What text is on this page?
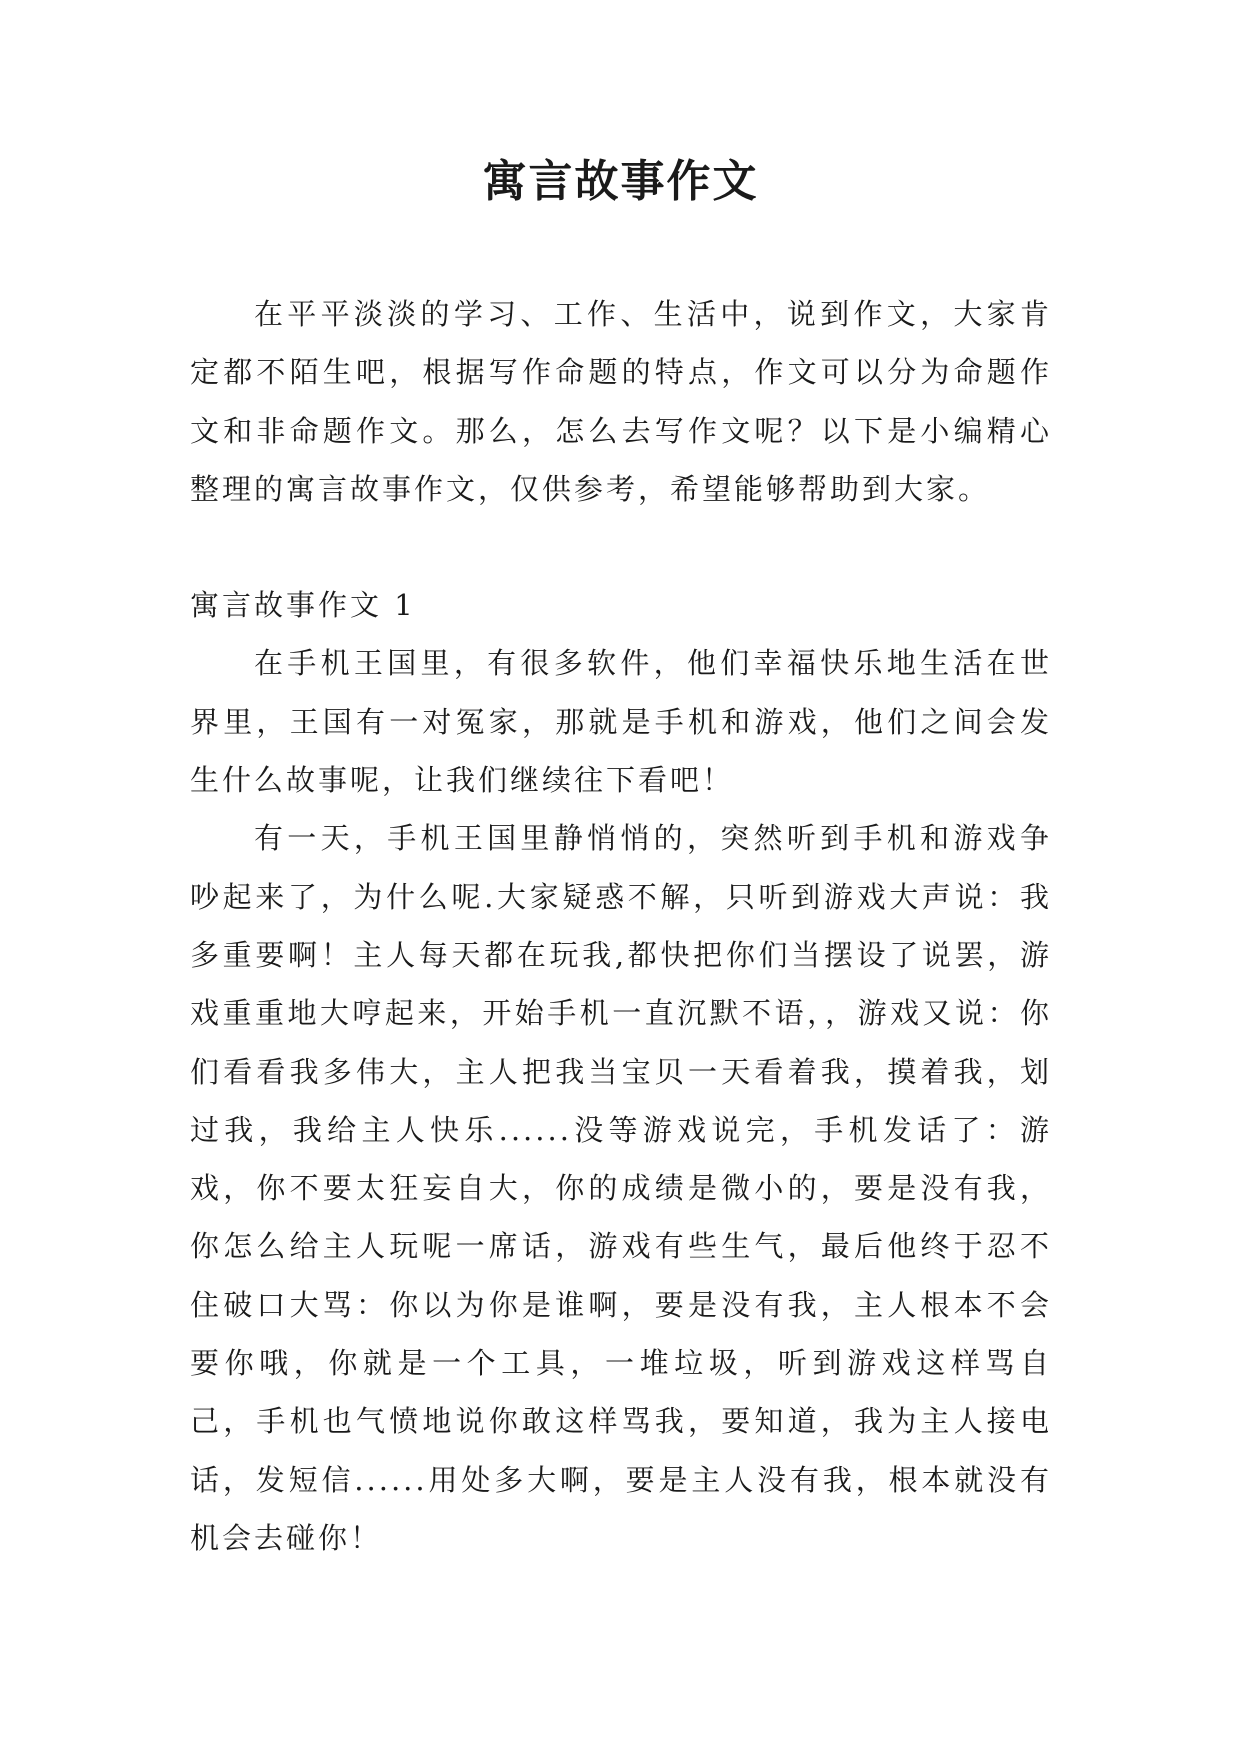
寓言故事作文

在平平淡淡的学习、工作、生活中，说到作文，大家肯定都不陌生吧，根据写作命题的特点，作文可以分为命题作文和非命题作文。那么，怎么去写作文呢？以下是小编精心整理的寓言故事作文，仅供参考，希望能够帮助到大家。

寓言故事作文 1

在手机王国里，有很多软件，他们幸福快乐地生活在世界里，王国有一对冤家，那就是手机和游戏，他们之间会发生什么故事呢，让我们继续往下看吧！

有一天，手机王国里静悄悄的，突然听到手机和游戏争吵起来了，为什么呢.大家疑惑不解，只听到游戏大声说：我多重要啊！主人每天都在玩我,都快把你们当摆设了说罢，游戏重重地大哼起来，开始手机一直沉默不语，，游戏又说：你们看看我多伟大，主人把我当宝贝一天看着我，摸着我，划过我，我给主人快乐......没等游戏说完，手机发话了：游戏，你不要太狂妄自大，你的成绩是微小的，要是没有我，你怎么给主人玩呢一席话，游戏有些生气，最后他终于忍不住破口大骂：你以为你是谁啊，要是没有我，主人根本不会要你哦，你就是一个工具，一堆垃圾，听到游戏这样骂自己，手机也气愤地说你敢这样骂我，要知道，我为主人接电话，发短信......用处多大啊，要是主人没有我，根本就没有机会去碰你！
